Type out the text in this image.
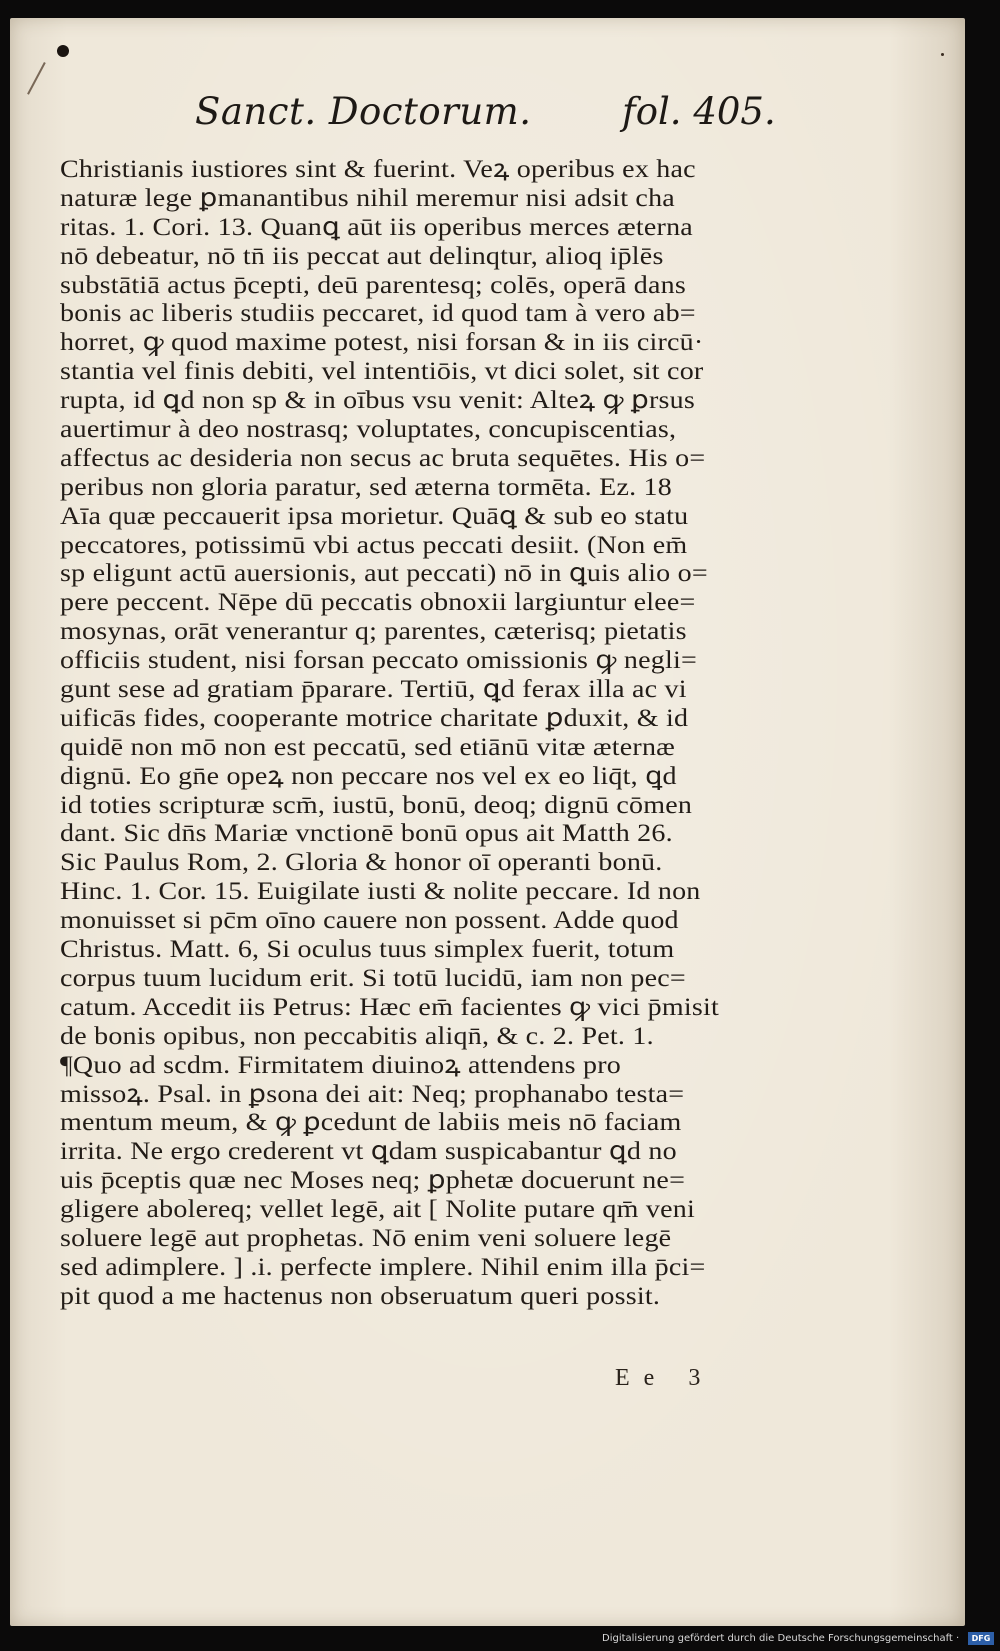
Sanct. Doctorum. fol. 405.
Christianis iustiores sint & fuerint. Veꝝ operibus ex hac
naturæ lege ꝑmanantibus nihil meremur nisi adsit cha
ritas. 1. Cori. 13. Quanꝗ aūt iis operibus merces æterna
nō debeatur, nō tn̄ iis peccat aut delinqtur, alioq ip̄lēs
substātiā actus p̄cepti, deū parentesq; colēs, operā dans
bonis ac liberis studiis peccaret, id quod tam à vero ab=
horret, ꝙ quod maxime potest, nisi forsan & in iis circū·
stantia vel finis debiti, vel intentiōis, vt dici solet, sit cor
rupta, id ꝗd non sp & in oībus vsu venit: Alteꝝ ꝙ ꝑrsus
auertimur à deo nostrasq; voluptates, concupiscentias,
affectus ac desideria non secus ac bruta sequētes. His o=
peribus non gloria paratur, sed æterna tormēta. Ez. 18
Aīa quæ peccauerit ipsa morietur. Quāꝗ & sub eo statu
peccatores, potissimū vbi actus peccati desiit. (Non em̄
sp eligunt actū auersionis, aut peccati) nō in ꝗuis alio o=
pere peccent. Nēpe dū peccatis obnoxii largiuntur elee=
mosynas, orāt venerantur q; parentes, cæterisq; pietatis
officiis student, nisi forsan peccato omissionis ꝙ negli=
gunt sese ad gratiam p̄parare. Tertiū, ꝗd ferax illa ac vi
uificās fides, cooperante motrice charitate ꝑduxit, & id
quidē non mō non est peccatū, sed etiānū vitæ æternæ
dignū. Eo gn̄e opeꝝ non peccare nos vel ex eo liq̄t, ꝗd
id toties scripturæ scm̄, iustū, bonū, deoq; dignū cōmen
dant. Sic dn̄s Mariæ vnctionē bonū opus ait Matth 26.
Sic Paulus Rom, 2. Gloria & honor oī operanti bonū.
Hinc. 1. Cor. 15. Euigilate iusti & nolite peccare. Id non
monuisset si pc̄m oīno cauere non possent. Adde quod
Christus. Matt. 6, Si oculus tuus simplex fuerit, totum
corpus tuum lucidum erit. Si totū lucidū, iam non pec=
catum. Accedit iis Petrus: Hæc em̄ facientes ꝙ vici p̄misit
de bonis opibus, non peccabitis aliqn̄, & c. 2. Pet. 1.
¶Quo ad scdm. Firmitatem diuinoꝝ attendens pro
missoꝝ. Psal. in ꝑsona dei ait: Neq; prophanabo testa=
mentum meum, & ꝙ ꝑcedunt de labiis meis nō faciam
irrita. Ne ergo crederent vt ꝗdam suspicabantur ꝗd no
uis p̄ceptis quæ nec Moses neq; ꝑphetæ docuerunt ne=
gligere abolereq; vellet legē, ait [ Nolite putare qm̄ veni
soluere legē aut prophetas. Nō enim veni soluere legē
sed adimplere. ] .i. perfecte implere. Nihil enim illa p̄ci=
pit quod a me hactenus non obseruatum queri possit.
Ee 3
Digitalisierung gefördert durch die Deutsche Forschungsgemeinschaft ·	DFG
